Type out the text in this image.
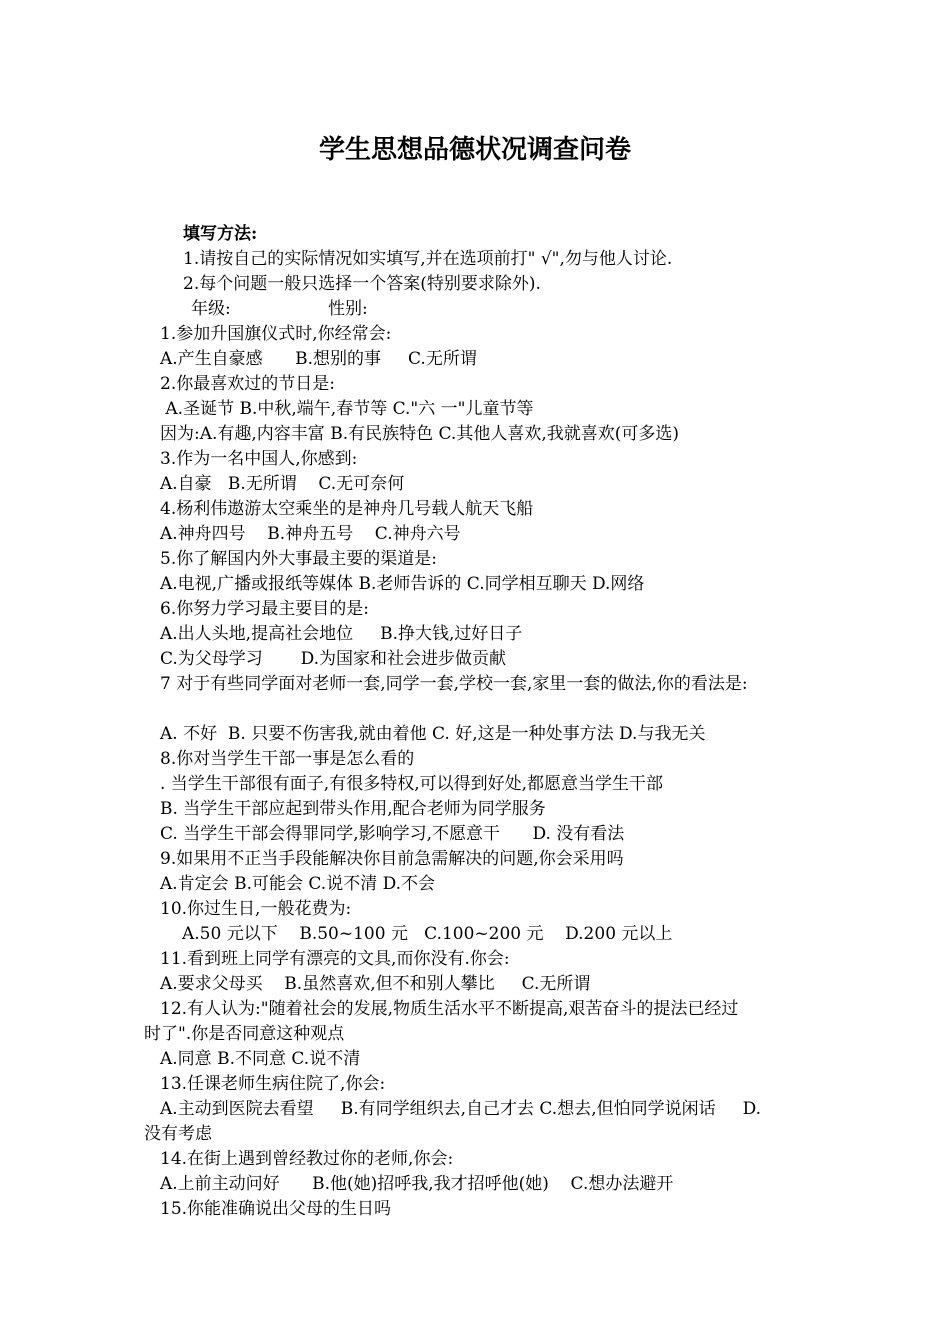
学生思想品德状况调查问卷
填写方法:
1.请按自己的实际情况如实填写,并在选项前打" √",勿与他人讨论.
2.每个问题一般只选择一个答案(特别要求除外).
年级:                  性别:
1.参加升国旗仪式时,你经常会:
A.产生自豪感      B.想别的事     C.无所谓
2.你最喜欢过的节日是:
A.圣诞节 B.中秋,端午,春节等 C."六 一"儿童节等
因为:A.有趣,内容丰富 B.有民族特色 C.其他人喜欢,我就喜欢(可多选)
3.作为一名中国人,你感到:
A.自豪   B.无所谓    C.无可奈何
4.杨利伟遨游太空乘坐的是神舟几号载人航天飞船
A.神舟四号    B.神舟五号    C.神舟六号
5.你了解国内外大事最主要的渠道是:
A.电视,广播或报纸等媒体 B.老师告诉的 C.同学相互聊天 D.网络
6.你努力学习最主要目的是:
A.出人头地,提高社会地位     B.挣大钱,过好日子
C.为父母学习       D.为国家和社会进步做贡献
7 对于有些同学面对老师一套,同学一套,学校一套,家里一套的做法,你的看法是:
A. 不好  B. 只要不伤害我,就由着他 C. 好,这是一种处事方法 D.与我无关
8.你对当学生干部一事是怎么看的
. 当学生干部很有面子,有很多特权,可以得到好处,都愿意当学生干部
B. 当学生干部应起到带头作用,配合老师为同学服务
C. 当学生干部会得罪同学,影响学习,不愿意干      D. 没有看法
9.如果用不正当手段能解决你目前急需解决的问题,你会采用吗
A.肯定会 B.可能会 C.说不清 D.不会
10.你过生日,一般花费为:
A.50 元以下    B.50~100 元   C.100~200 元    D.200 元以上
11.看到班上同学有漂亮的文具,而你没有.你会:
A.要求父母买    B.虽然喜欢,但不和别人攀比     C.无所谓
12.有人认为:"随着社会的发展,物质生活水平不断提高,艰苦奋斗的提法已经过
时了".你是否同意这种观点
A.同意 B.不同意 C.说不清
13.任课老师生病住院了,你会:
A.主动到医院去看望     B.有同学组织去,自己才去 C.想去,但怕同学说闲话     D.
没有考虑
14.在街上遇到曾经教过你的老师,你会:
A.上前主动问好      B.他(她)招呼我,我才招呼他(她)    C.想办法避开
15.你能准确说出父母的生日吗
